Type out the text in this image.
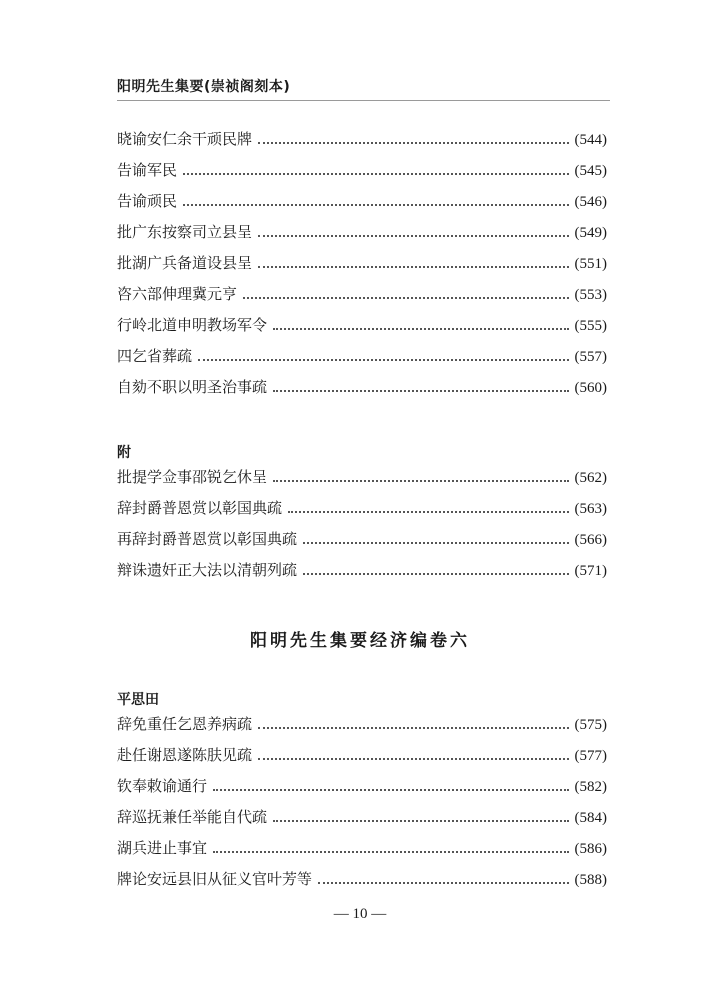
阳明先生集要(崇祯阁刻本)
晓谕安仁余干顽民牌	(544)
告谕军民	(545)
告谕顽民	(546)
批广东按察司立县呈	(549)
批湖广兵备道设县呈	(551)
咨六部伸理冀元亨	(553)
行岭北道申明教场军令	(555)
四乞省葬疏	(557)
自劾不职以明圣治事疏	(560)
附
批提学佥事邵锐乞休呈	(562)
辞封爵普恩赏以彰国典疏	(563)
再辞封爵普恩赏以彰国典疏	(566)
辩诛遗奸正大法以清朝列疏	(571)
阳明先生集要经济编卷六
平思田
辞免重任乞恩养病疏	(575)
赴任谢恩遂陈肤见疏	(577)
钦奉敕谕通行	(582)
辞巡抚兼任举能自代疏	(584)
湖兵进止事宜	(586)
牌论安远县旧从征义官叶芳等	(588)
— 10 —
